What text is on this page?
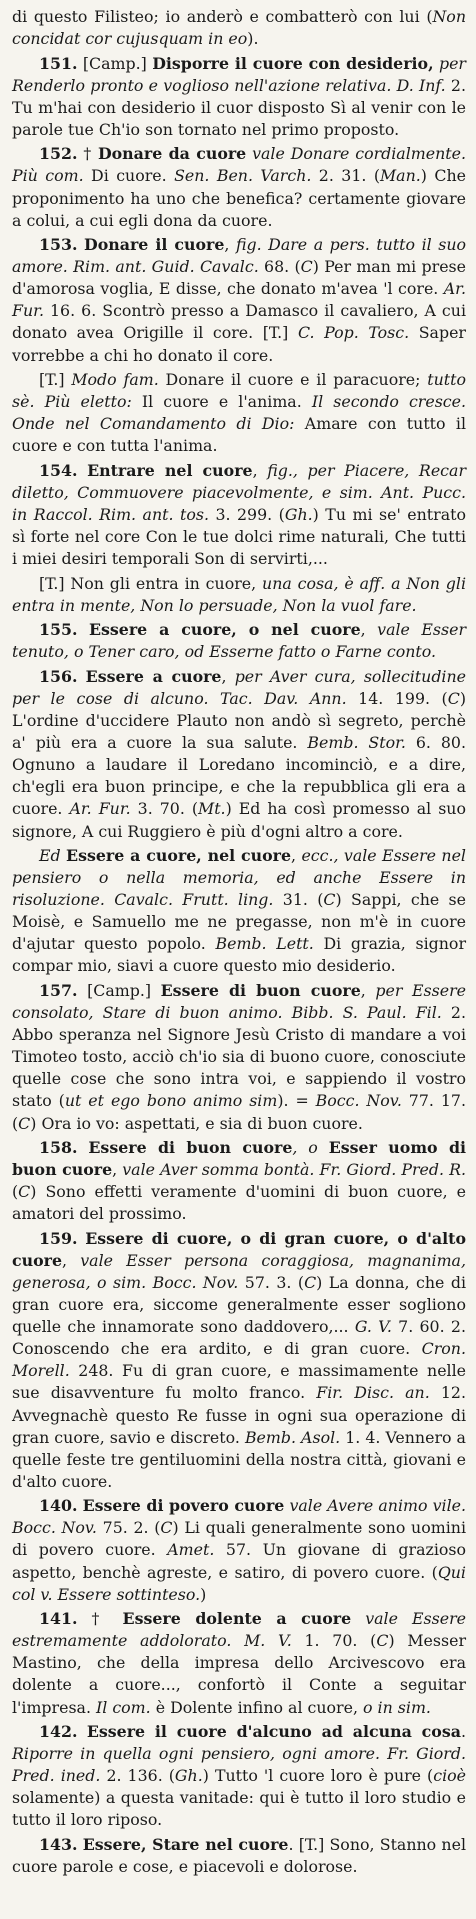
di questo Filisteo; io anderò e combatterò con lui (Non concidat cor cujusquam in eo).

151. [Camp.] Disporre il cuore con desiderio, per Renderlo pronto e voglioso nell'azione relativa. D. Inf. 2. Tu m'hai con desiderio il cuor disposto Sì al venir con le parole tue Ch'io son tornato nel primo proposto.

152. † Donare da cuore vale Donare cordialmente. Più com. Di cuore. Sen. Ben. Varch. 2. 31. (Man.) Che proponimento ha uno che benefica? certamente giovare a colui, a cui egli dona da cuore.

153. Donare il cuore, fig. Dare a pers. tutto il suo amore. Rim. ant. Guid. Cavalc. 68. (C) Per man mi prese d'amorosa voglia, E disse, che donato m'avea 'l core. Ar. Fur. 16. 6. Scontrò presso a Damasco il cavaliero, A cui donato avea Origille il core. [T.] C. Pop. Tosc. Saper vorrebbe a chi ho donato il core.

[T.] Modo fam. Donare il cuore e il paracuore; tutto sè. Più eletto: Il cuore e l'anima. Il secondo cresce. Onde nel Comandamento di Dio: Amare con tutto il cuore e con tutta l'anima.

154. Entrare nel cuore, fig., per Piacere, Recar diletto, Commuovere piacevolmente, e sim. Ant. Pucc. in Raccol. Rim. ant. tos. 3. 299. (Gh.) Tu mi se' entrato sì forte nel core Con le tue dolci rime naturali, Che tutti i miei desiri temporali Son di servirti,...

[T.] Non gli entra in cuore, una cosa, è aff. a Non gli entra in mente, Non lo persuade, Non la vuol fare.

155. Essere a cuore, o nel cuore, vale Esser tenuto, o Tener caro, od Esserne fatto o Farne conto.

156. Essere a cuore, per Aver cura, sollecitudine per le cose di alcuno. Tac. Dav. Ann. 14. 199. (C) L'ordine d'uccidere Plauto non andò sì segreto, perchè a' più era a cuore la sua salute. Bemb. Stor. 6. 80. Ognuno a laudare il Loredano incominciò, e a dire, ch'egli era buon principe, e che la repubblica gli era a cuore. Ar. Fur. 3. 70. (Mt.) Ed ha così promesso al suo signore, A cui Ruggiero è più d'ogni altro a core.

Ed Essere a cuore, nel cuore, ecc., vale Essere nel pensiero o nella memoria, ed anche Essere in risoluzione. Cavalc. Frutt. ling. 31. (C) Sappi, che se Moisè, e Samuello me ne pregasse, non m'è in cuore d'ajutar questo popolo. Bemb. Lett. Di grazia, signor compar mio, siavi a cuore questo mio desiderio.

157. [Camp.] Essere di buon cuore, per Essere consolato, Stare di buon animo. Bibb. S. Paul. Fil. 2. Abbo speranza nel Signore Jesù Cristo di mandare a voi Timoteo tosto, acciò ch'io sia di buono cuore, conosciute quelle cose che sono intra voi, e sappiendo il vostro stato (ut et ego bono animo sim). = Bocc. Nov. 77. 17. (C) Ora io vo: aspettati, e sia di buon cuore.

158. Essere di buon cuore, o Esser uomo di buon cuore, vale Aver somma bontà. Fr. Giord. Pred. R. (C) Sono effetti veramente d'uomini di buon cuore, e amatori del prossimo.

159. Essere di cuore, o di gran cuore, o d'alto cuore, vale Esser persona coraggiosa, magnanima, generosa, o sim. Bocc. Nov. 57. 3. (C) La donna, che di gran cuore era, siccome generalmente esser sogliono quelle che innamorate sono daddovero,... G. V. 7. 60. 2. Conoscendo che era ardito, e di gran cuore. Cron. Morell. 248. Fu di gran cuore, e massimamente nelle sue disavventure fu molto franco. Fir. Disc. an. 12. Avvegnachè questo Re fusse in ogni sua operazione di gran cuore, savio e discreto. Bemb. Asol. 1. 4. Vennero a quelle feste tre gentiluomini della nostra città, giovani e d'alto cuore.

140. Essere di povero cuore vale Avere animo vile. Bocc. Nov. 75. 2. (C) Li quali generalmente sono uomini di povero cuore. Amet. 57. Un giovane di grazioso aspetto, benchè agreste, e satiro, di povero cuore. (Qui col v. Essere sottinteso.)

141. † Essere dolente a cuore vale Essere estremamente addolorato. M. V. 1. 70. (C) Messer Mastino, che della impresa dello Arcivescovo era dolente a cuore..., confortò il Conte a seguitar l'impresa. Il com. è Dolente infino al cuore, o in sim.

142. Essere il cuore d'alcuno ad alcuna cosa. Riporre in quella ogni pensiero, ogni amore. Fr. Giord. Pred. ined. 2. 136. (Gh.) Tutto 'l cuore loro è pure (cioè solamente) a questa vanitade: qui è tutto il loro studio e tutto il loro riposo.

143. Essere, Stare nel cuore. [T.] Sono, Stanno nel cuore parole e cose, e piacevoli e dolorose.
